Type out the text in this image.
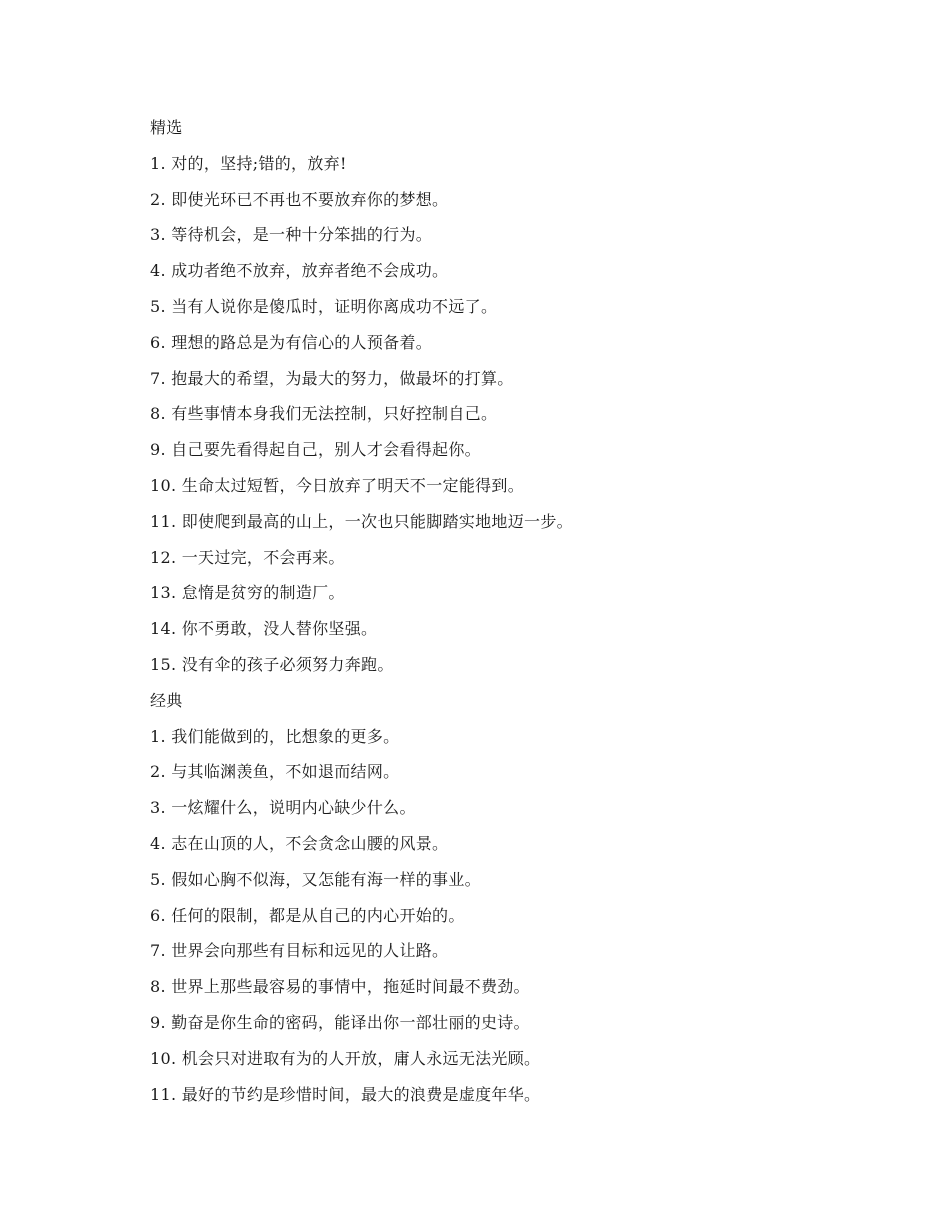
精选
1. 对的，坚持;错的，放弃!
2. 即使光环已不再也不要放弃你的梦想。
3. 等待机会，是一种十分笨拙的行为。
4. 成功者绝不放弃，放弃者绝不会成功。
5. 当有人说你是傻瓜时，证明你离成功不远了。
6. 理想的路总是为有信心的人预备着。
7. 抱最大的希望，为最大的努力，做最坏的打算。
8. 有些事情本身我们无法控制，只好控制自己。
9. 自己要先看得起自己，别人才会看得起你。
10. 生命太过短暂，今日放弃了明天不一定能得到。
11. 即使爬到最高的山上，一次也只能脚踏实地地迈一步。
12. 一天过完，不会再来。
13. 怠惰是贫穷的制造厂。
14. 你不勇敢，没人替你坚强。
15. 没有伞的孩子必须努力奔跑。
经典
1. 我们能做到的，比想象的更多。
2. 与其临渊羡鱼，不如退而结网。
3. 一炫耀什么，说明内心缺少什么。
4. 志在山顶的人，不会贪念山腰的风景。
5. 假如心胸不似海，又怎能有海一样的事业。
6. 任何的限制，都是从自己的内心开始的。
7. 世界会向那些有目标和远见的人让路。
8. 世界上那些最容易的事情中，拖延时间最不费劲。
9. 勤奋是你生命的密码，能译出你一部壮丽的史诗。
10. 机会只对进取有为的人开放，庸人永远无法光顾。
11. 最好的节约是珍惜时间，最大的浪费是虚度年华。
